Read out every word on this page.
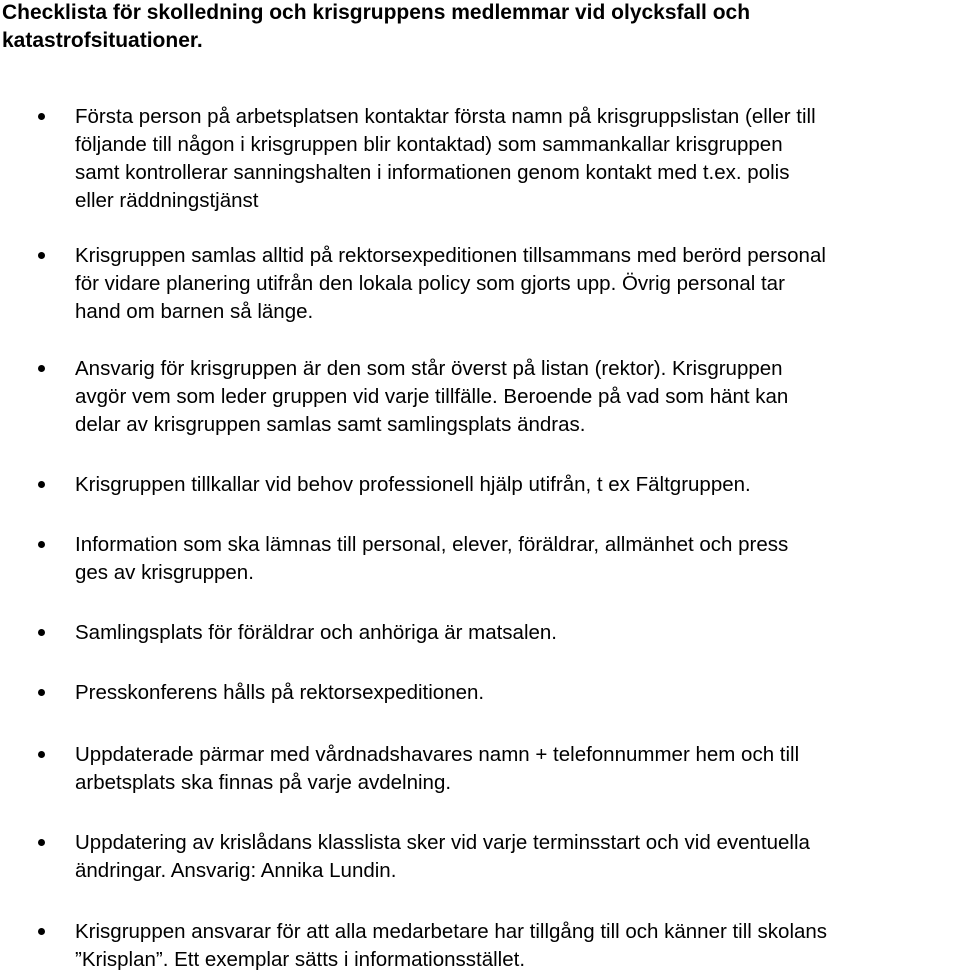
Checklista för skolledning och krisgruppens medlemmar vid olycksfall och
katastrofsituationer.
Första person på arbetsplatsen kontaktar första namn på krisgruppslistan (eller till
följande till någon i krisgruppen blir kontaktad) som sammankallar krisgruppen
samt kontrollerar sanningshalten i informationen genom kontakt med t.ex. polis
eller räddningstjänst
Krisgruppen samlas alltid på rektorsexpeditionen tillsammans med berörd personal
för vidare planering utifrån den lokala policy som gjorts upp. Övrig personal tar
hand om barnen så länge.
Ansvarig för krisgruppen är den som står överst på listan (rektor). Krisgruppen
avgör vem som leder gruppen vid varje tillfälle. Beroende på vad som hänt kan
delar av krisgruppen samlas samt samlingsplats ändras.
Krisgruppen tillkallar vid behov professionell hjälp utifrån, t ex Fältgruppen.
Information som ska lämnas till personal, elever, föräldrar, allmänhet och press
ges av krisgruppen.
Samlingsplats för föräldrar och anhöriga är matsalen.
Presskonferens hålls på rektorsexpeditionen.
Uppdaterade pärmar med vårdnadshavares namn + telefonnummer hem och till
arbetsplats ska finnas på varje avdelning.
Uppdatering av krislådans klasslista sker vid varje terminsstart och vid eventuella
ändringar. Ansvarig: Annika Lundin.
Krisgruppen ansvarar för att alla medarbetare har tillgång till och känner till skolans
”Krisplan”. Ett exemplar sätts i informationsstället.
